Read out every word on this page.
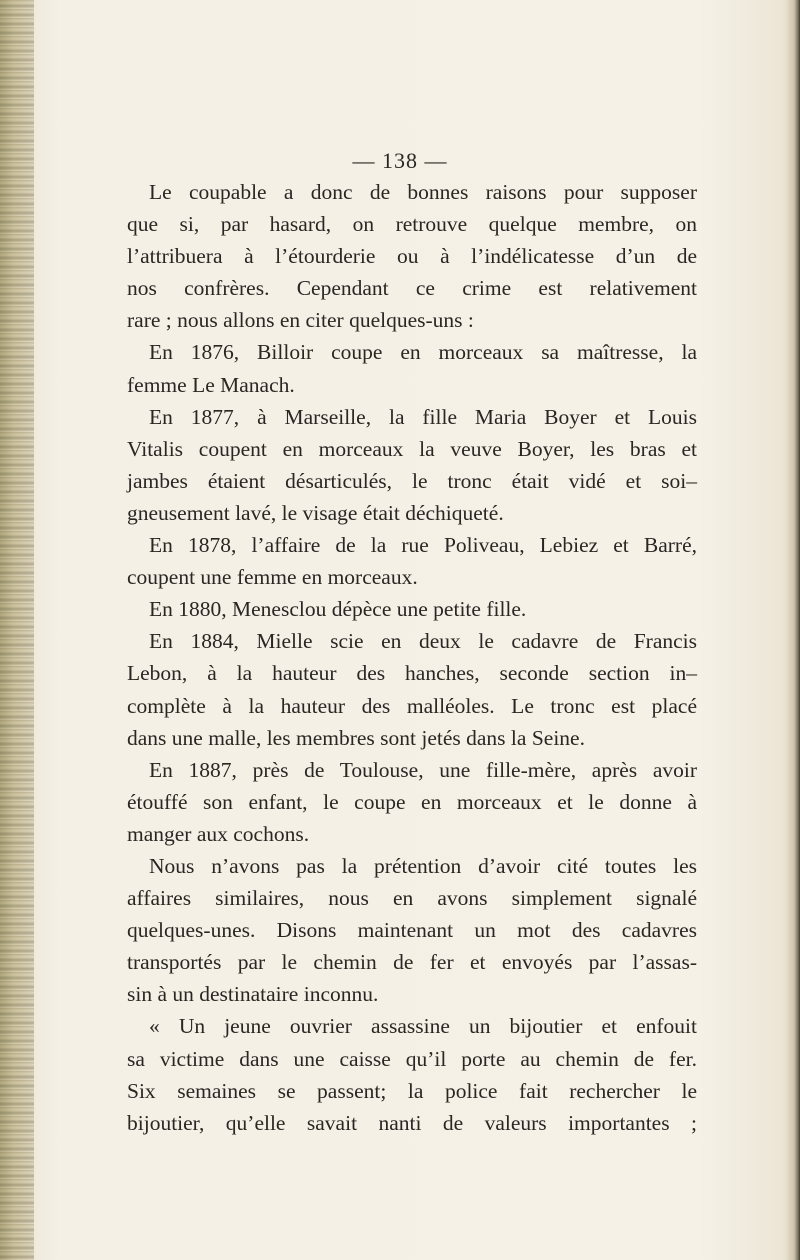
— 138 —
Le coupable a donc de bonnes raisons pour supposer
que si, par hasard, on retrouve quelque membre, on
l’attribuera à l’étourderie ou à l’indélicatesse d’un de
nos confrères. Cependant ce crime est relativement
rare ; nous allons en citer quelques-uns :
En 1876, Billoir coupe en morceaux sa maîtresse, la
femme Le Manach.
En 1877, à Marseille, la fille Maria Boyer et Louis
Vitalis coupent en morceaux la veuve Boyer, les bras et
jambes étaient désarticulés, le tronc était vidé et soi–
gneusement lavé, le visage était déchiqueté.
En 1878, l’affaire de la rue Poliveau, Lebiez et Barré,
coupent une femme en morceaux.
En 1880, Menesclou dépèce une petite fille.
En 1884, Mielle scie en deux le cadavre de Francis
Lebon, à la hauteur des hanches, seconde section in–
complète à la hauteur des malléoles. Le tronc est placé
dans une malle, les membres sont jetés dans la Seine.
En 1887, près de Toulouse, une fille-mère, après avoir
étouffé son enfant, le coupe en morceaux et le donne à
manger aux cochons.
Nous n’avons pas la prétention d’avoir cité toutes les
affaires similaires, nous en avons simplement signalé
quelques-unes. Disons maintenant un mot des cadavres
transportés par le chemin de fer et envoyés par l’assas-
sin à un destinataire inconnu.
« Un jeune ouvrier assassine un bijoutier et enfouit
sa victime dans une caisse qu’il porte au chemin de fer.
Six semaines se passent; la police fait rechercher le
bijoutier, qu’elle savait nanti de valeurs importantes ;
